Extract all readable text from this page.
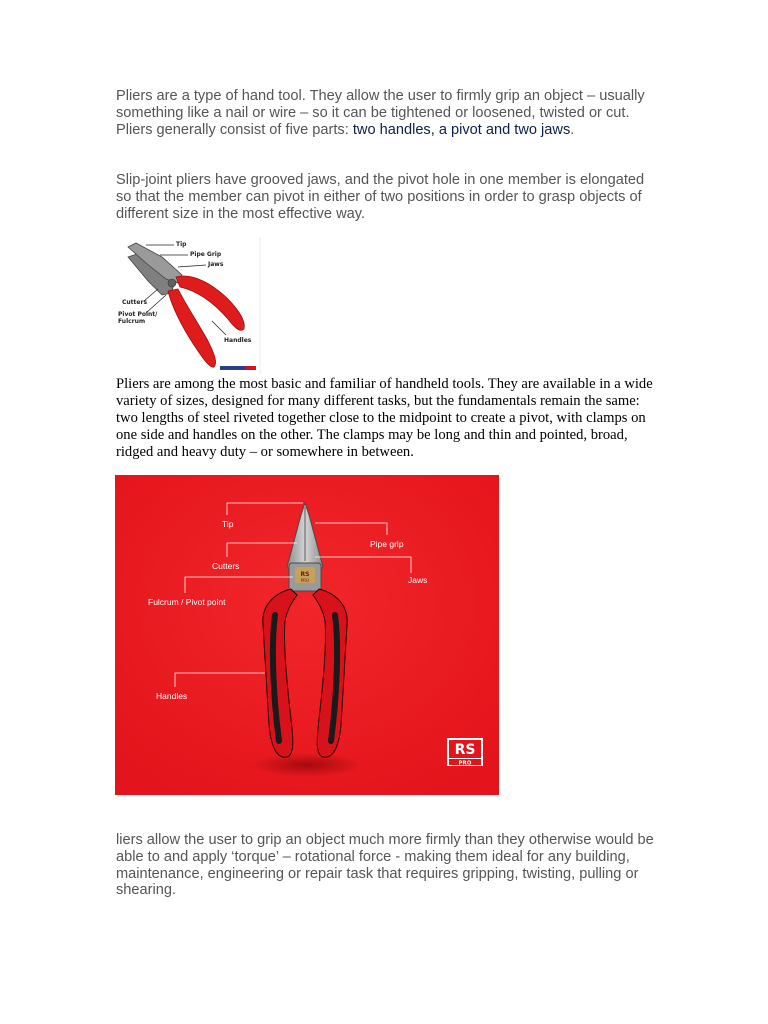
Pliers are a type of hand tool. They allow the user to firmly grip an object – usually something like a nail or wire – so it can be tightened or loosened, twisted or cut. Pliers generally consist of five parts: two handles, a pivot and two jaws.

Slip-joint pliers have grooved jaws, and the pivot hole in one member is elongated so that the member can pivot in either of two positions in order to grasp objects of different size in the most effective way.

Tip
Pipe Grip
Jaws
Cutters
Pivot Point/
Fulcrum
Handles

Pliers are among the most basic and familiar of handheld tools. They are available in a wide variety of sizes, designed for many different tasks, but the fundamentals remain the same: two lengths of steel riveted together close to the midpoint to create a pivot, with clamps on one side and handles on the other. The clamps may be long and thin and pointed, broad, ridged and heavy duty – or somewhere in between.

RS
PRO
Tip
Pipe grip
Cutters
Jaws
Fulcrum / Pivot point
Handles
RS
PRO

liers allow the user to grip an object much more firmly than they otherwise would be able to and apply ‘torque’ – rotational force - making them ideal for any building, maintenance, engineering or repair task that requires gripping, twisting, pulling or shearing.
